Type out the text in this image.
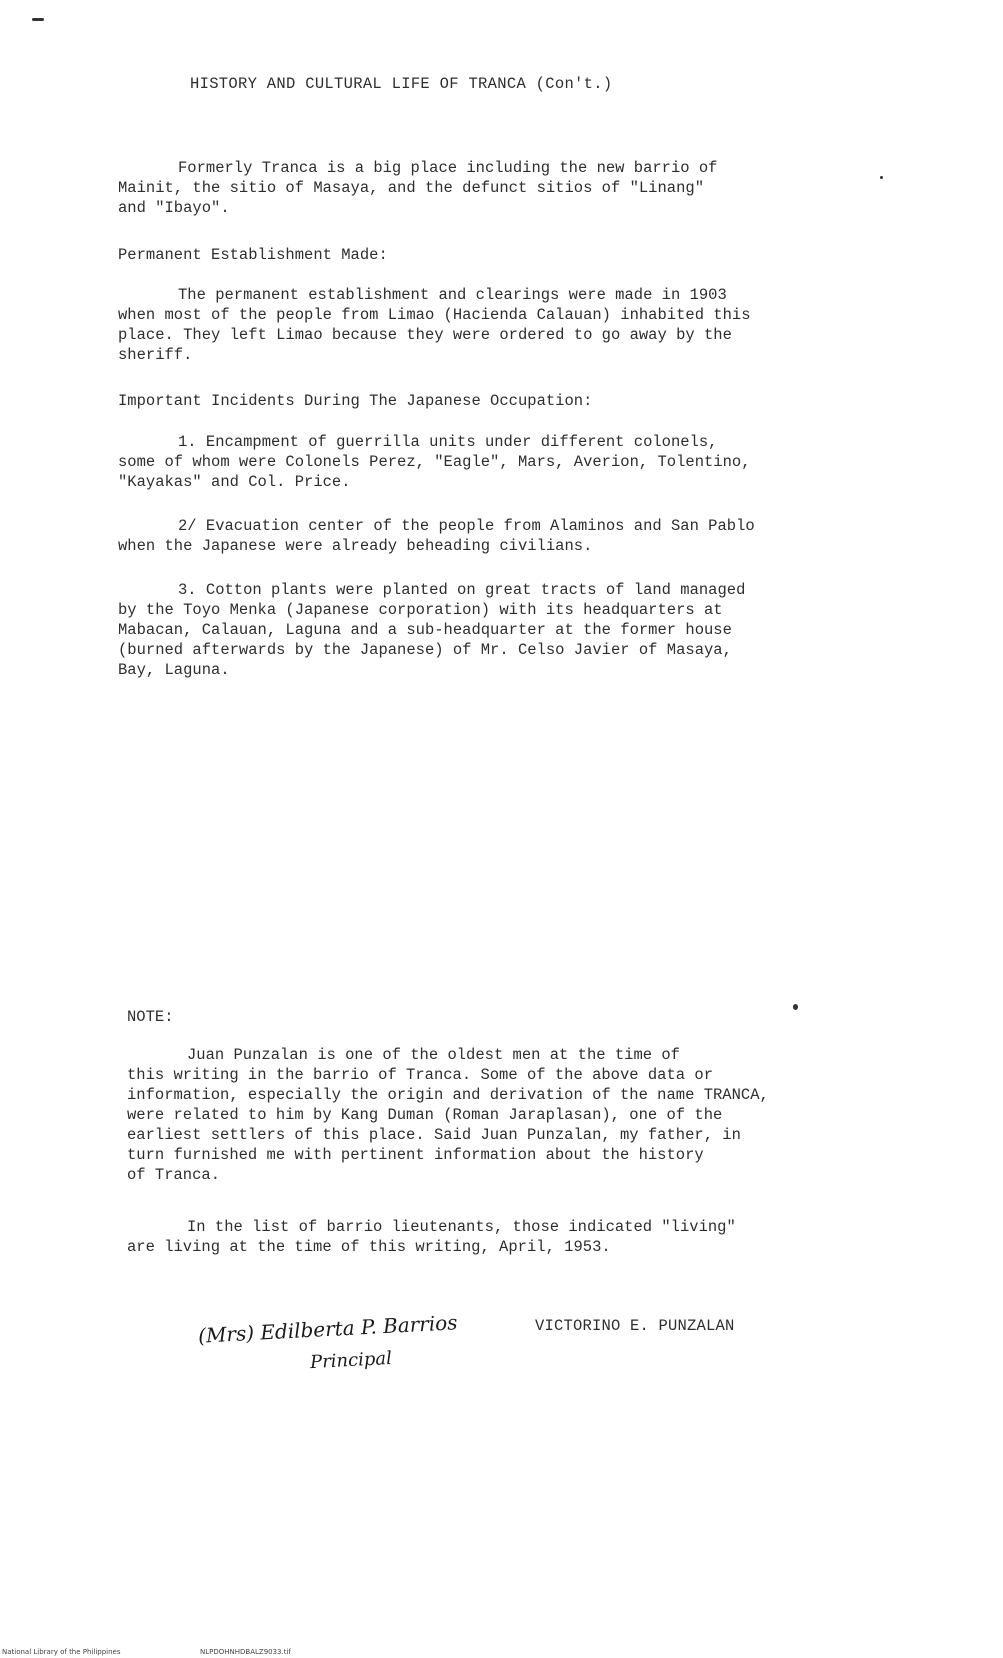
HISTORY AND CULTURAL LIFE OF TRANCA (Con't.)
Formerly Tranca is a big place including the new barrio of
Mainit, the sitio of Masaya, and the defunct sitios of "Linang"
and "Ibayo".
Permanent Establishment Made:
The permanent establishment and clearings were made in 1903
when most of the people from Limao (Hacienda Calauan) inhabited this
place. They left Limao because they were ordered to go away by the
sheriff.
Important Incidents During The Japanese Occupation:
1. Encampment of guerrilla units under different colonels,
some of whom were Colonels Perez, "Eagle", Mars, Averion, Tolentino,
"Kayakas" and Col. Price.
2/ Evacuation center of the people from Alaminos and San Pablo
when the Japanese were already beheading civilians.
3. Cotton plants were planted on great tracts of land managed
by the Toyo Menka (Japanese corporation) with its headquarters at
Mabacan, Calauan, Laguna and a sub-headquarter at the former house
(burned afterwards by the Japanese) of Mr. Celso Javier of Masaya,
Bay, Laguna.
NOTE:
Juan Punzalan is one of the oldest men at the time of
this writing in the barrio of Tranca. Some of the above data or
information, especially the origin and derivation of the name TRANCA,
were related to him by Kang Duman (Roman Jaraplasan), one of the
earliest settlers of this place. Said Juan Punzalan, my father, in
turn furnished me with pertinent information about the history
of Tranca.
In the list of barrio lieutenants, those indicated "living"
are living at the time of this writing, April, 1953.
(Mrs) Edilberta P. Barrios
Principal
VICTORINO E. PUNZALAN
National Library of the Philippines	NLPDOHNHDBALZ9033.tif
